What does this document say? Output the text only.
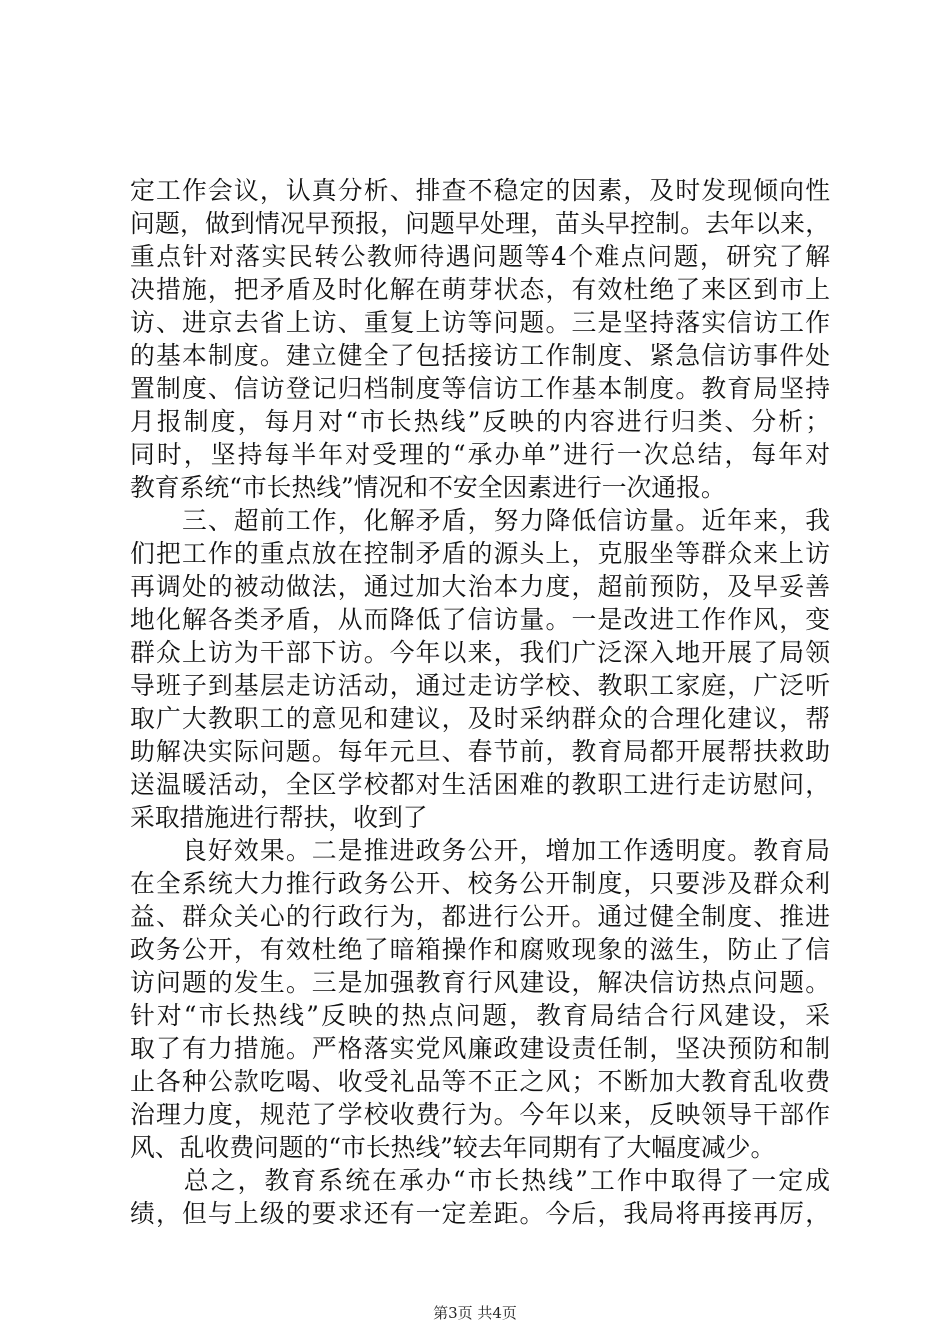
定工作会议，认真分析、排查不稳定的因素，及时发现倾向性
问题，做到情况早预报，问题早处理，苗头早控制。去年以来，
重点针对落实民转公教师待遇问题等4个难点问题，研究了解
决措施，把矛盾及时化解在萌芽状态，有效杜绝了来区到市上
访、进京去省上访、重复上访等问题。三是坚持落实信访工作
的基本制度。建立健全了包括接访工作制度、紧急信访事件处
置制度、信访登记归档制度等信访工作基本制度。教育局坚持
月报制度，每月对“市长热线”反映的内容进行归类、分析；
同时，坚持每半年对受理的“承办单”进行一次总结，每年对
教育系统“市长热线”情况和不安全因素进行一次通报。
　　三、超前工作，化解矛盾，努力降低信访量。近年来，我
们把工作的重点放在控制矛盾的源头上，克服坐等群众来上访
再调处的被动做法，通过加大治本力度，超前预防，及早妥善
地化解各类矛盾，从而降低了信访量。一是改进工作作风，变
群众上访为干部下访。今年以来，我们广泛深入地开展了局领
导班子到基层走访活动，通过走访学校、教职工家庭，广泛听
取广大教职工的意见和建议，及时采纳群众的合理化建议，帮
助解决实际问题。每年元旦、春节前，教育局都开展帮扶救助
送温暖活动，全区学校都对生活困难的教职工进行走访慰问，
采取措施进行帮扶，收到了
　　良好效果。二是推进政务公开，增加工作透明度。教育局
在全系统大力推行政务公开、校务公开制度，只要涉及群众利
益、群众关心的行政行为，都进行公开。通过健全制度、推进
政务公开，有效杜绝了暗箱操作和腐败现象的滋生，防止了信
访问题的发生。三是加强教育行风建设，解决信访热点问题。
针对“市长热线”反映的热点问题，教育局结合行风建设，采
取了有力措施。严格落实党风廉政建设责任制，坚决预防和制
止各种公款吃喝、收受礼品等不正之风；不断加大教育乱收费
治理力度，规范了学校收费行为。今年以来，反映领导干部作
风、乱收费问题的“市长热线”较去年同期有了大幅度减少。
　　总之，教育系统在承办“市长热线”工作中取得了一定成
绩，但与上级的要求还有一定差距。今后，我局将再接再厉，
第3页 共4页
